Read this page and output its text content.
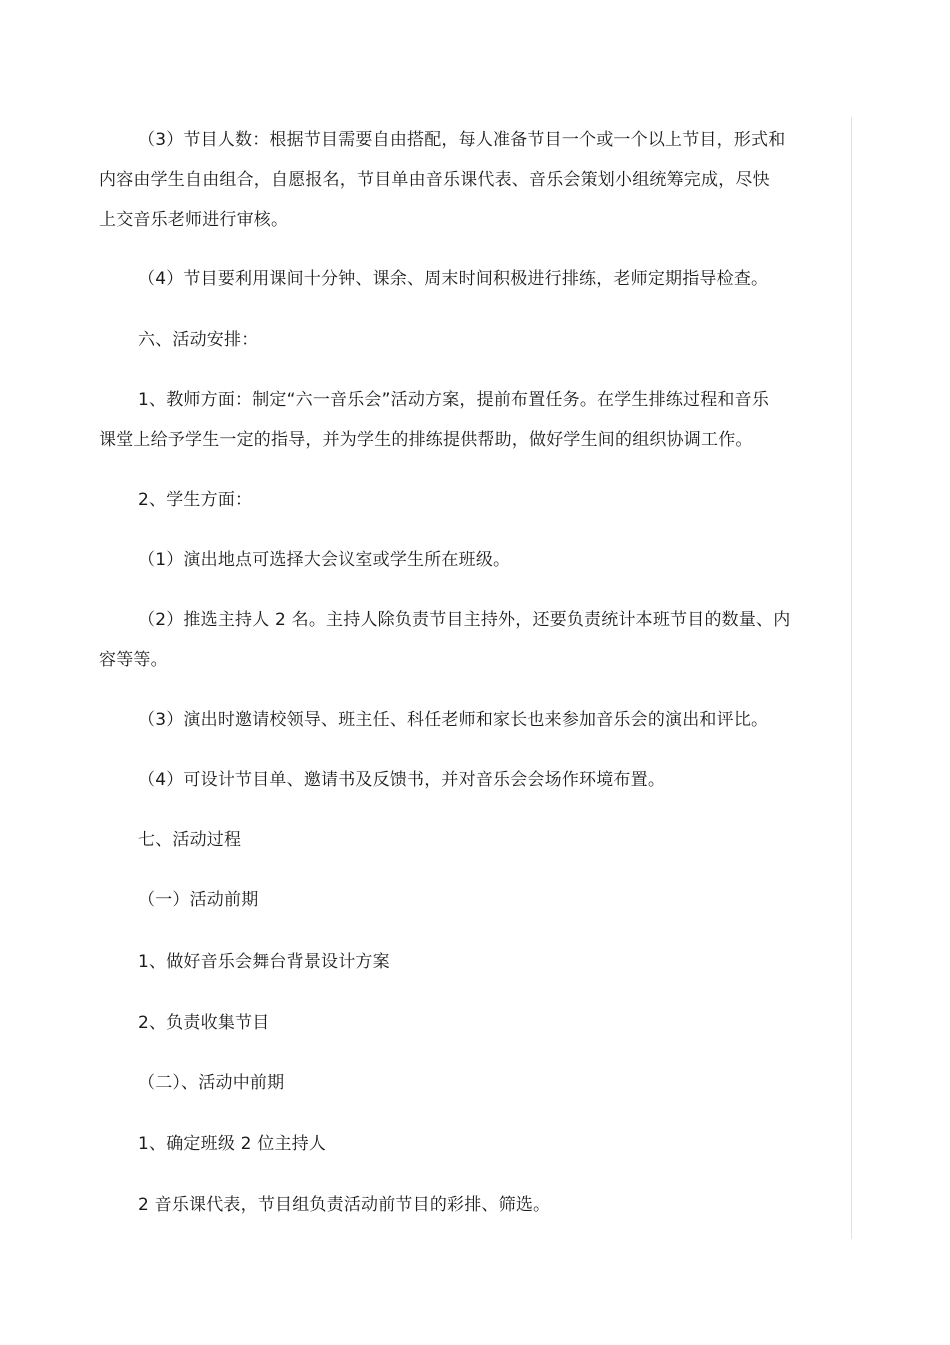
（3）节目人数：根据节目需要自由搭配，每人准备节目一个或一个以上节目，形式和
内容由学生自由组合，自愿报名，节目单由音乐课代表、音乐会策划小组统筹完成，尽快
上交音乐老师进行审核。
（4）节目要利用课间十分钟、课余、周末时间积极进行排练，老师定期指导检查。
六、活动安排：
1、教师方面：制定“六一音乐会”活动方案，提前布置任务。在学生排练过程和音乐
课堂上给予学生一定的指导，并为学生的排练提供帮助，做好学生间的组织协调工作。
2、学生方面：
（1）演出地点可选择大会议室或学生所在班级。
（2）推选主持人 2 名。主持人除负责节目主持外，还要负责统计本班节目的数量、内
容等等。
（3）演出时邀请校领导、班主任、科任老师和家长也来参加音乐会的演出和评比。
（4）可设计节目单、邀请书及反馈书，并对音乐会会场作环境布置。
七、活动过程
（一）活动前期
1、做好音乐会舞台背景设计方案
2、负责收集节目
（二）、活动中前期
1、确定班级 2 位主持人
2 音乐课代表，节目组负责活动前节目的彩排、筛选。
